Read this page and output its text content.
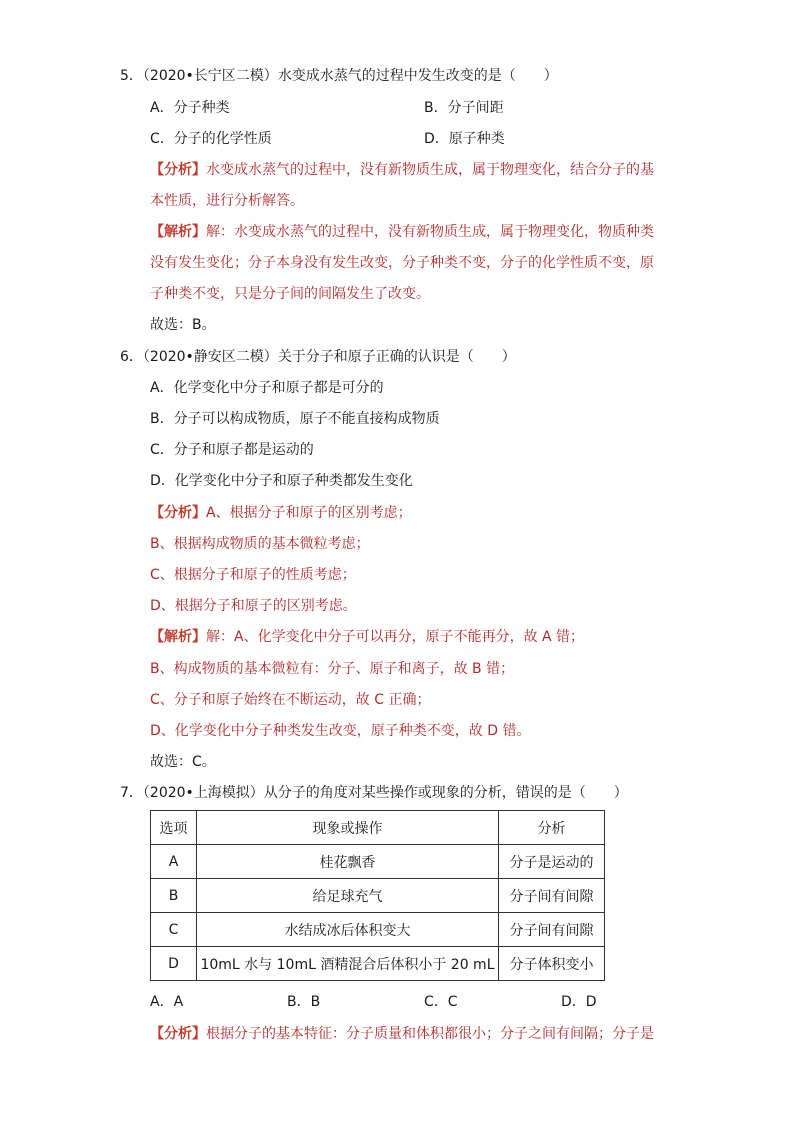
5．（2020•长宁区二模）水变成水蒸气的过程中发生改变的是（　　）
A．分子种类	B．分子间距
C．分子的化学性质	D．原子种类
【分析】水变成水蒸气的过程中，没有新物质生成，属于物理变化，结合分子的基
本性质，进行分析解答。
【解析】解：水变成水蒸气的过程中，没有新物质生成，属于物理变化，物质种类
没有发生变化；分子本身没有发生改变，分子种类不变，分子的化学性质不变，原
子种类不变，只是分子间的间隔发生了改变。
故选：B。
6．（2020•静安区二模）关于分子和原子正确的认识是（　　）
A．化学变化中分子和原子都是可分的
B．分子可以构成物质，原子不能直接构成物质
C．分子和原子都是运动的
D．化学变化中分子和原子种类都发生变化
【分析】A、根据分子和原子的区别考虑；
B、根据构成物质的基本微粒考虑；
C、根据分子和原子的性质考虑；
D、根据分子和原子的区别考虑。
【解析】解：A、化学变化中分子可以再分，原子不能再分，故 A 错；
B、构成物质的基本微粒有：分子、原子和离子，故 B 错；
C、分子和原子始终在不断运动，故 C 正确；
D、化学变化中分子种类发生改变，原子种类不变，故 D 错。
故选：C。
7．（2020•上海模拟）从分子的角度对某些操作或现象的分析，错误的是（　　）
选项	现象或操作	分析
A	桂花飘香	分子是运动的
B	给足球充气	分子间有间隙
C	水结成冰后体积变大	分子间有间隙
D	10mL 水与 10mL 酒精混合后体积小于 20 mL	分子体积变小
A．A	B．B	C．C	D．D
【分析】根据分子的基本特征：分子质量和体积都很小；分子之间有间隔；分子是
